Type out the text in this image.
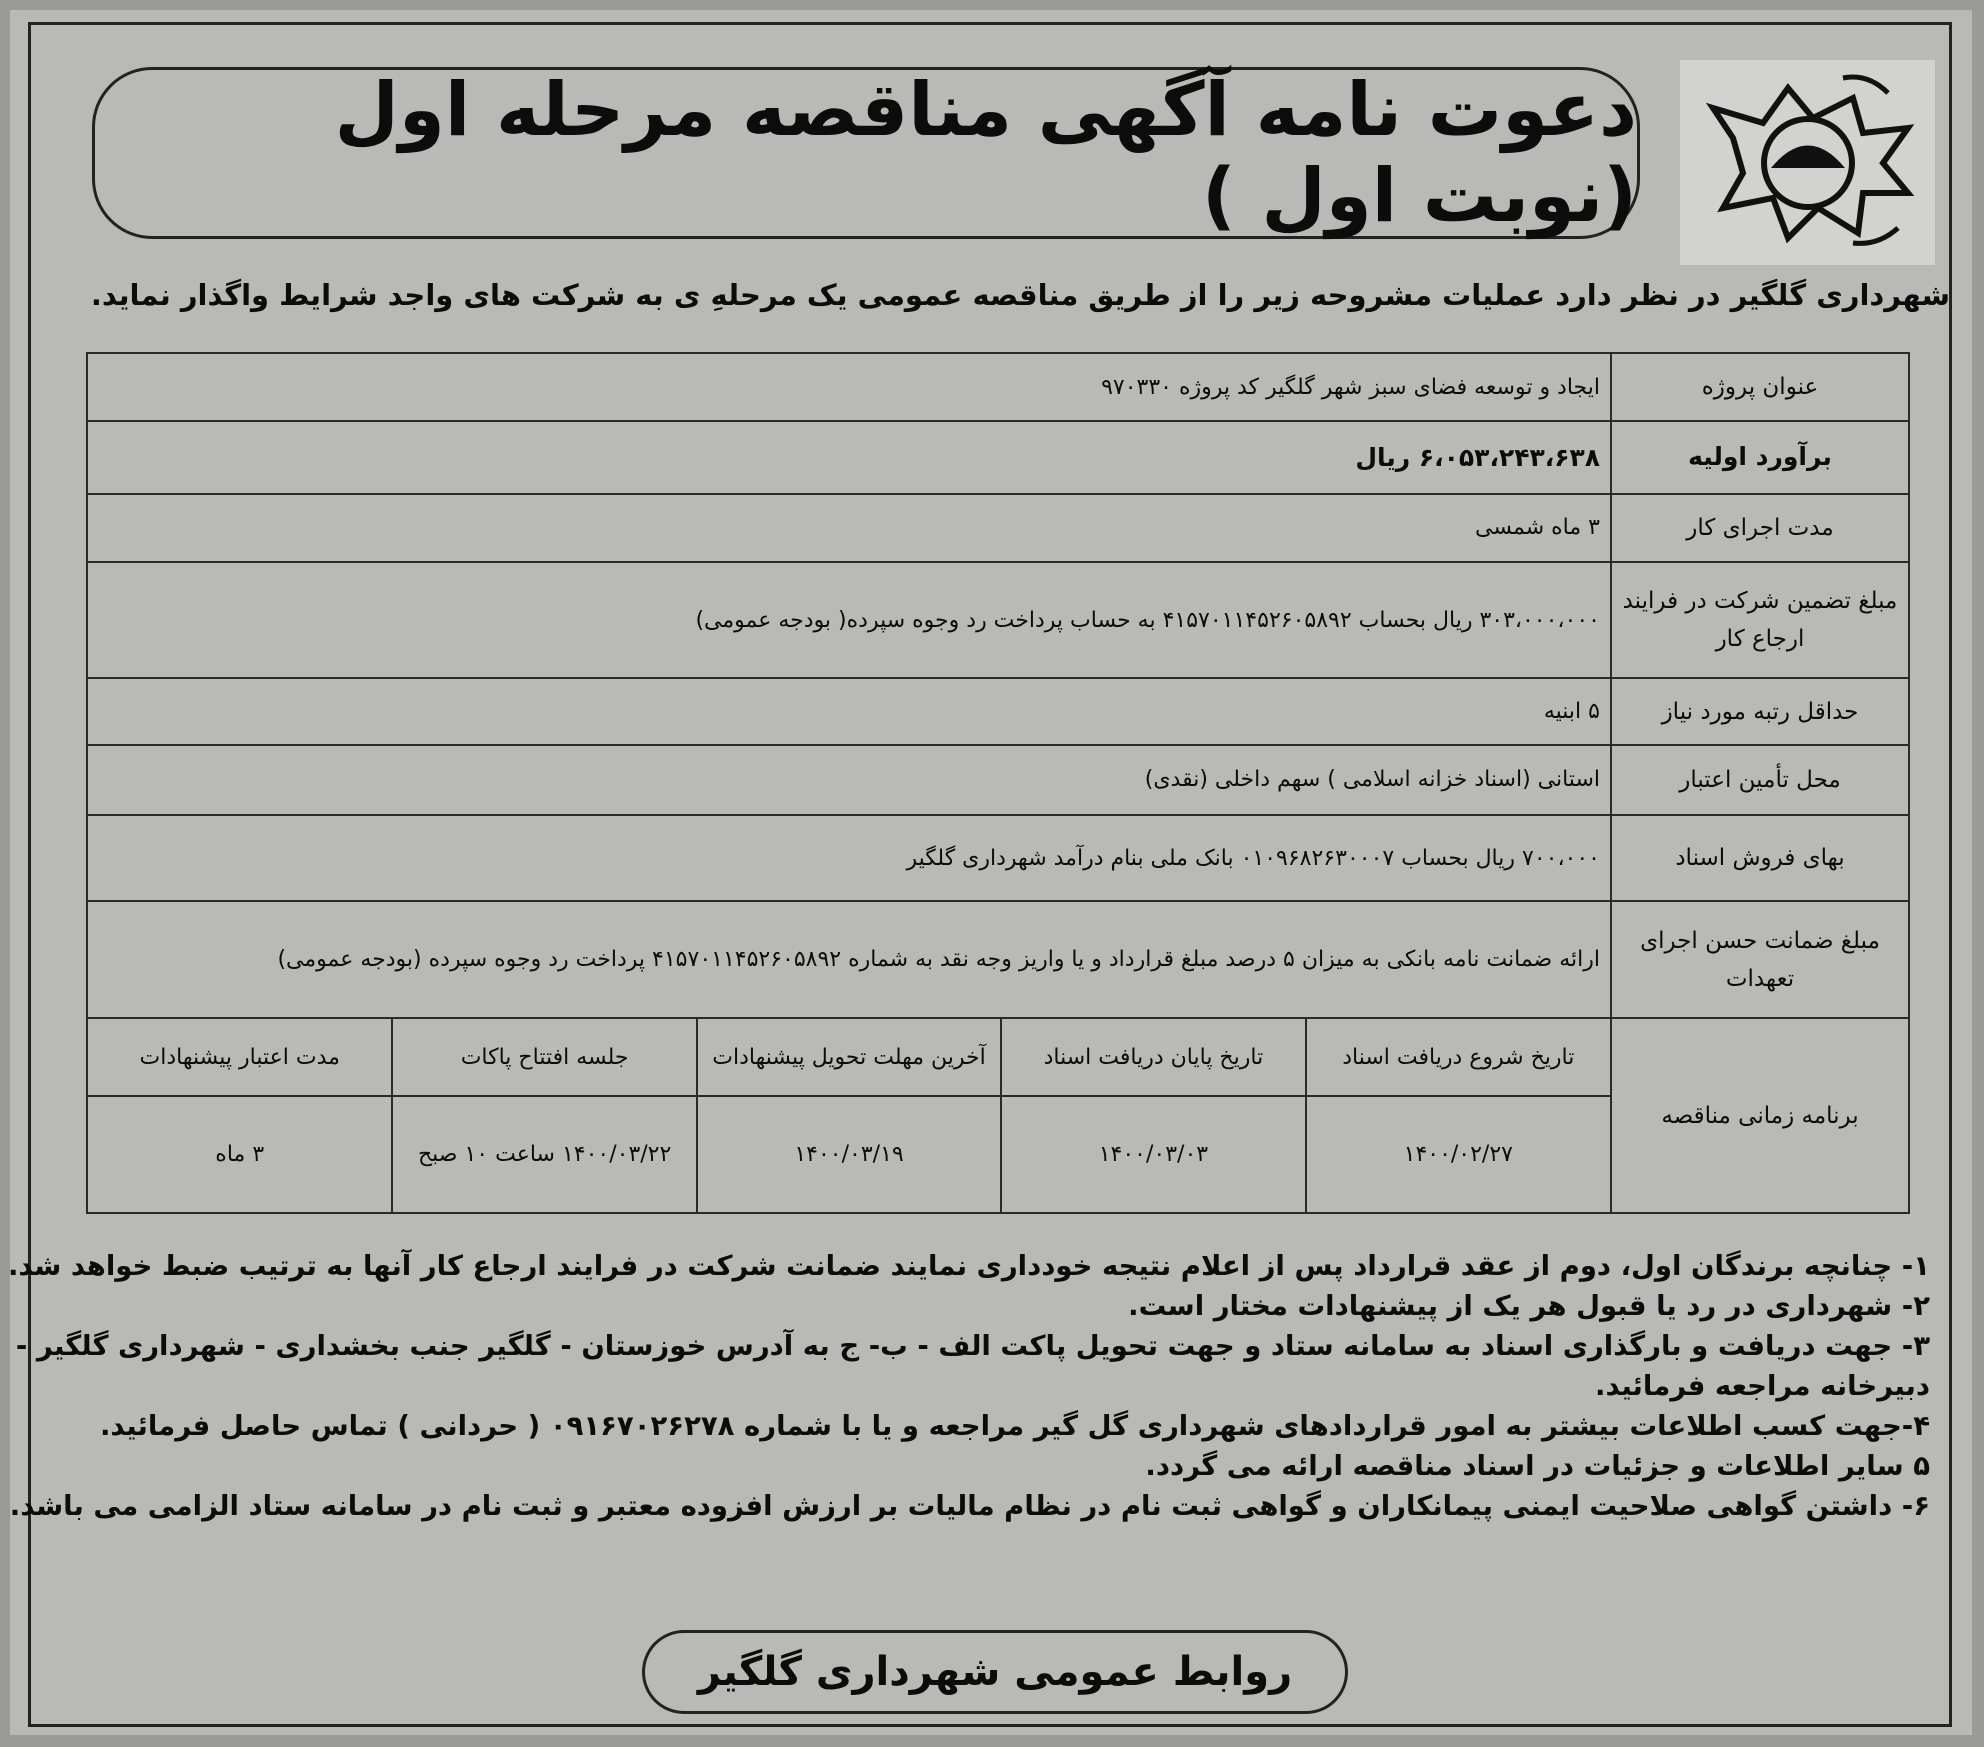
دعوت نامه آگهی مناقصه مرحله اول (نوبت اول )
شهرداری گلگیر در نظر دارد عملیات مشروحه زیر را از طریق مناقصه عمومی یک مرحلهِ ی به شرکت های واجد شرایط واگذار نماید.
عنوان پروژه	ایجاد و توسعه فضای سبز شهر گلگیر کد پروژه ۹۷۰۳۳۰
برآورد اولیه	۶،۰۵۳،۲۴۳،۶۳۸ ریال
مدت اجرای کار	۳ ماه شمسی
مبلغ تضمین شرکت در فرایند ارجاع کار	۳۰۳،۰۰۰،۰۰۰ ریال بحساب ۴۱۵۷۰۱۱۴۵۲۶۰۵۸۹۲ به حساب پرداخت رد وجوه سپرده( بودجه عمومی)
حداقل رتبه مورد نیاز	۵ ابنیه
محل تأمین اعتبار	استانی (اسناد خزانه اسلامی ) سهم داخلی (نقدی)
بهای فروش اسناد	۷۰۰،۰۰۰ ریال بحساب ۰۱۰۹۶۸۲۶۳۰۰۰۷ بانک ملی بنام درآمد شهرداری گلگیر
مبلغ ضمانت حسن اجرای تعهدات	ارائه ضمانت نامه بانکی به میزان ۵ درصد مبلغ قرارداد و یا واریز وجه نقد به شماره ۴۱۵۷۰۱۱۴۵۲۶۰۵۸۹۲ پرداخت رد وجوه سپرده (بودجه عمومی)
برنامه زمانی مناقصه	
تاریخ شروع دریافت اسناد	تاریخ پایان دریافت اسناد	آخرین مهلت تحویل پیشنهادات	جلسه افتتاح پاکات	مدت اعتبار پیشنهادات
۱۴۰۰/۰۲/۲۷	۱۴۰۰/۰۳/۰۳	۱۴۰۰/۰۳/۱۹	۱۴۰۰/۰۳/۲۲ ساعت ۱۰ صبح	۳ ماه

۱- چنانچه برندگان اول، دوم از عقد قرارداد پس از اعلام نتیجه خودداری نمایند ضمانت شرکت در فرایند ارجاع کار آنها به ترتیب ضبط خواهد شد.

۲- شهرداری در رد یا قبول هر یک از پیشنهادات مختار است.

۳- جهت دریافت و بارگذاری اسناد به سامانه ستاد و جهت تحویل پاکت الف - ب- ج به آدرس خوزستان - گلگیر جنب بخشداری - شهرداری گلگیر -

دبیرخانه مراجعه فرمائید.

۴-جهت کسب اطلاعات بیشتر به امور قراردادهای شهرداری گل گیر مراجعه و یا با شماره ۰۹۱۶۷۰۲۶۲۷۸ ( حردانی ) تماس حاصل فرمائید.

۵ سایر اطلاعات و جزئیات در اسناد مناقصه ارائه می گردد.

۶- داشتن گواهی صلاحیت ایمنی پیمانکاران و گواهی ثبت نام در نظام مالیات بر ارزش افزوده معتبر و ثبت نام در سامانه ستاد الزامی می باشد.

روابط عمومی شهرداری گلگیر
